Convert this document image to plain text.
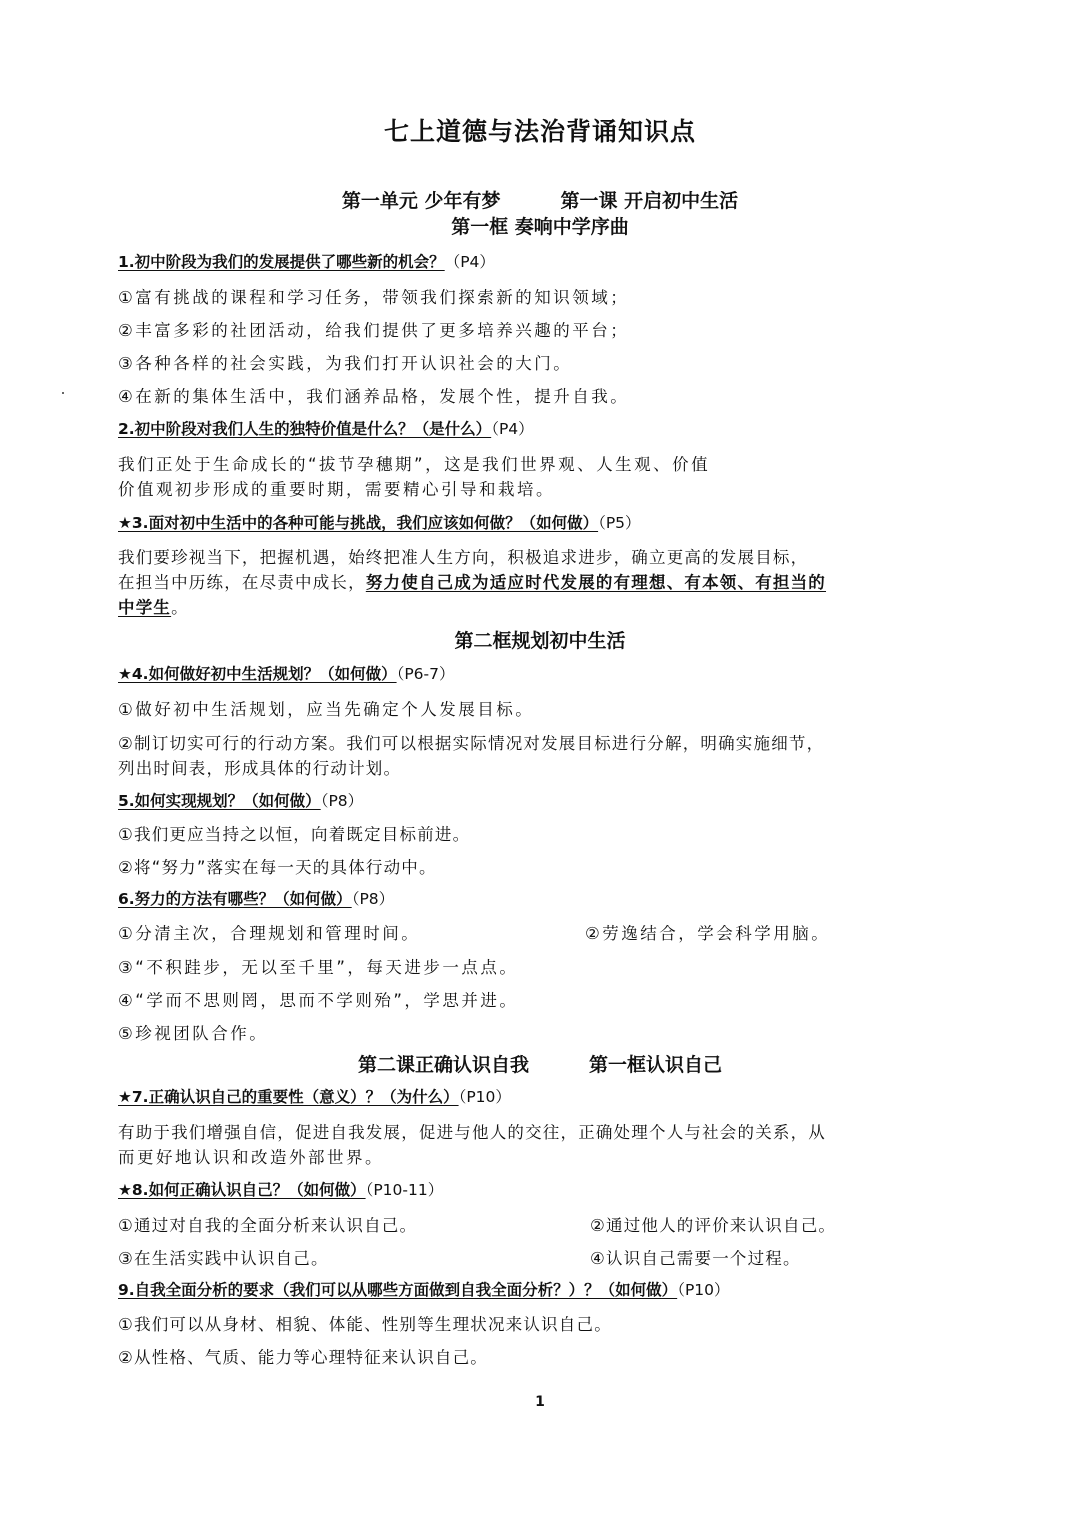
七上道德与法治背诵知识点
第一单元 少年有梦	第一课 开启初中生活
第一框 奏响中学序曲
1.初中阶段为我们的发展提供了哪些新的机会？（P4）
①富有挑战的课程和学习任务，带领我们探索新的知识领域；
②丰富多彩的社团活动，给我们提供了更多培养兴趣的平台；
③各种各样的社会实践，为我们打开认识社会的大门。
④在新的集体生活中，我们涵养品格，发展个性，提升自我。
2.初中阶段对我们人生的独特价值是什么？（是什么）（P4）
我们正处于生命成长的“拔节孕穗期”，这是我们世界观、人生观、价值
价值观初步形成的重要时期，需要精心引导和栽培。
★3.面对初中生活中的各种可能与挑战，我们应该如何做？（如何做）（P5）
我们要珍视当下，把握机遇，始终把准人生方向，积极追求进步，确立更高的发展目标，
在担当中历练，在尽责中成长，努力使自己成为适应时代发展的有理想、有本领、有担当的
中学生。
第二框规划初中生活
★4.如何做好初中生活规划？（如何做）（P6-7）
①做好初中生活规划，应当先确定个人发展目标。
②制订切实可行的行动方案。我们可以根据实际情况对发展目标进行分解，明确实施细节，
列出时间表，形成具体的行动计划。
5.如何实现规划？（如何做）（P8）
①我们更应当持之以恒，向着既定目标前进。
②将“努力”落实在每一天的具体行动中。
6.努力的方法有哪些？（如何做）（P8）
①分清主次，合理规划和管理时间。	②劳逸结合，学会科学用脑。
③“不积跬步，无以至千里”，每天进步一点点。
④“学而不思则罔，思而不学则殆”，学思并进。
⑤珍视团队合作。
第二课正确认识自我	第一框认识自己
★7.正确认识自己的重要性（意义）？（为什么）（P10）
有助于我们增强自信，促进自我发展，促进与他人的交往，正确处理个人与社会的关系，从
而更好地认识和改造外部世界。
★8.如何正确认识自己？（如何做）（P10-11）
①通过对自我的全面分析来认识自己。	②通过他人的评价来认识自己。
③在生活实践中认识自己。	④认识自己需要一个过程。
9.自我全面分析的要求（我们可以从哪些方面做到自我全面分析？）？（如何做）（P10）
①我们可以从身材、相貌、体能、性别等生理状况来认识自己。
②从性格、气质、能力等心理特征来认识自己。
1
